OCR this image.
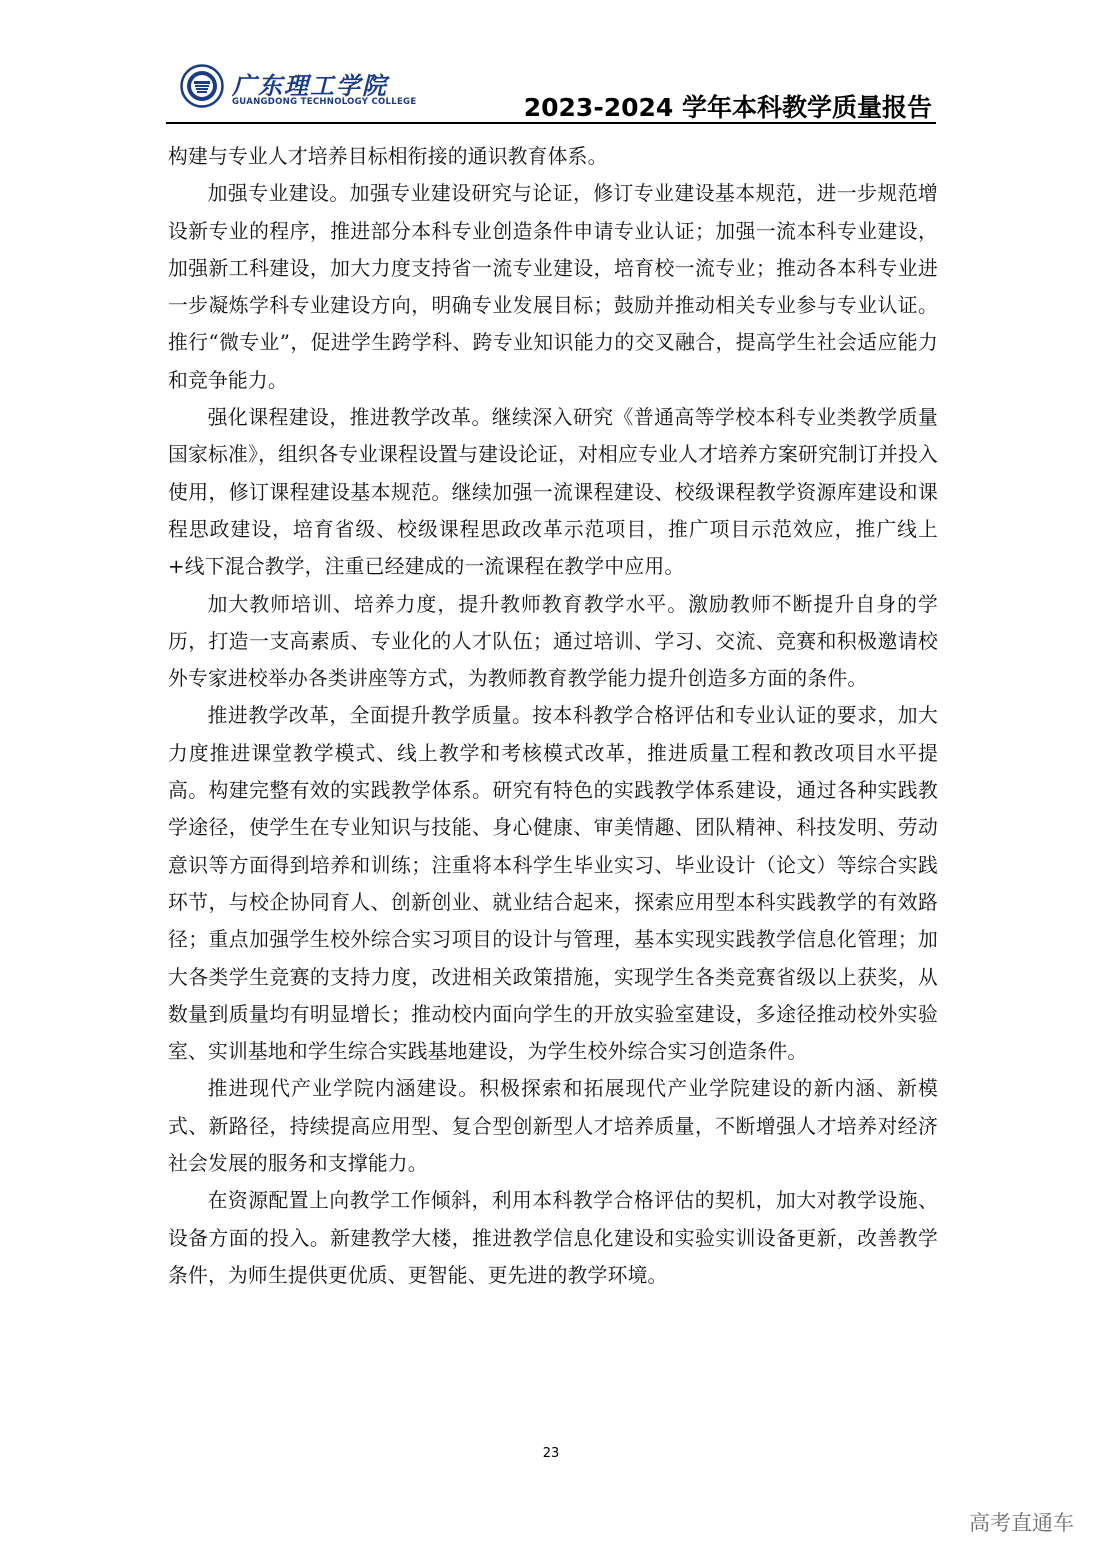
广东理工学院
GUANGDONG TECHNOLOGY COLLEGE	2023-2024 学年本科教学质量报告

构建与专业人才培养目标相衔接的通识教育体系。

加强专业建设。加强专业建设研究与论证，修订专业建设基本规范，进一步规范增设新专业的程序，推进部分本科专业创造条件申请专业认证；加强一流本科专业建设，加强新工科建设，加大力度支持省一流专业建设，培育校一流专业；推动各本科专业进一步凝炼学科专业建设方向，明确专业发展目标；鼓励并推动相关专业参与专业认证。推行“微专业”，促进学生跨学科、跨专业知识能力的交叉融合，提高学生社会适应能力和竞争能力。

强化课程建设，推进教学改革。继续深入研究《普通高等学校本科专业类教学质量国家标准》，组织各专业课程设置与建设论证，对相应专业人才培养方案研究制订并投入使用，修订课程建设基本规范。继续加强一流课程建设、校级课程教学资源库建设和课程思政建设，培育省级、校级课程思政改革示范项目，推广项目示范效应，推广线上+线下混合教学，注重已经建成的一流课程在教学中应用。

加大教师培训、培养力度，提升教师教育教学水平。激励教师不断提升自身的学历，打造一支高素质、专业化的人才队伍；通过培训、学习、交流、竞赛和积极邀请校外专家进校举办各类讲座等方式，为教师教育教学能力提升创造多方面的条件。

推进教学改革，全面提升教学质量。按本科教学合格评估和专业认证的要求，加大力度推进课堂教学模式、线上教学和考核模式改革，推进质量工程和教改项目水平提高。构建完整有效的实践教学体系。研究有特色的实践教学体系建设，通过各种实践教学途径，使学生在专业知识与技能、身心健康、审美情趣、团队精神、科技发明、劳动意识等方面得到培养和训练；注重将本科学生毕业实习、毕业设计（论文）等综合实践环节，与校企协同育人、创新创业、就业结合起来，探索应用型本科实践教学的有效路径；重点加强学生校外综合实习项目的设计与管理，基本实现实践教学信息化管理；加大各类学生竞赛的支持力度，改进相关政策措施，实现学生各类竞赛省级以上获奖，从数量到质量均有明显增长；推动校内面向学生的开放实验室建设，多途径推动校外实验室、实训基地和学生综合实践基地建设，为学生校外综合实习创造条件。

推进现代产业学院内涵建设。积极探索和拓展现代产业学院建设的新内涵、新模式、新路径，持续提高应用型、复合型创新型人才培养质量，不断增强人才培养对经济社会发展的服务和支撑能力。

在资源配置上向教学工作倾斜，利用本科教学合格评估的契机，加大对教学设施、设备方面的投入。新建教学大楼，推进教学信息化建设和实验实训设备更新，改善教学条件，为师生提供更优质、更智能、更先进的教学环境。

23
高考直通车
